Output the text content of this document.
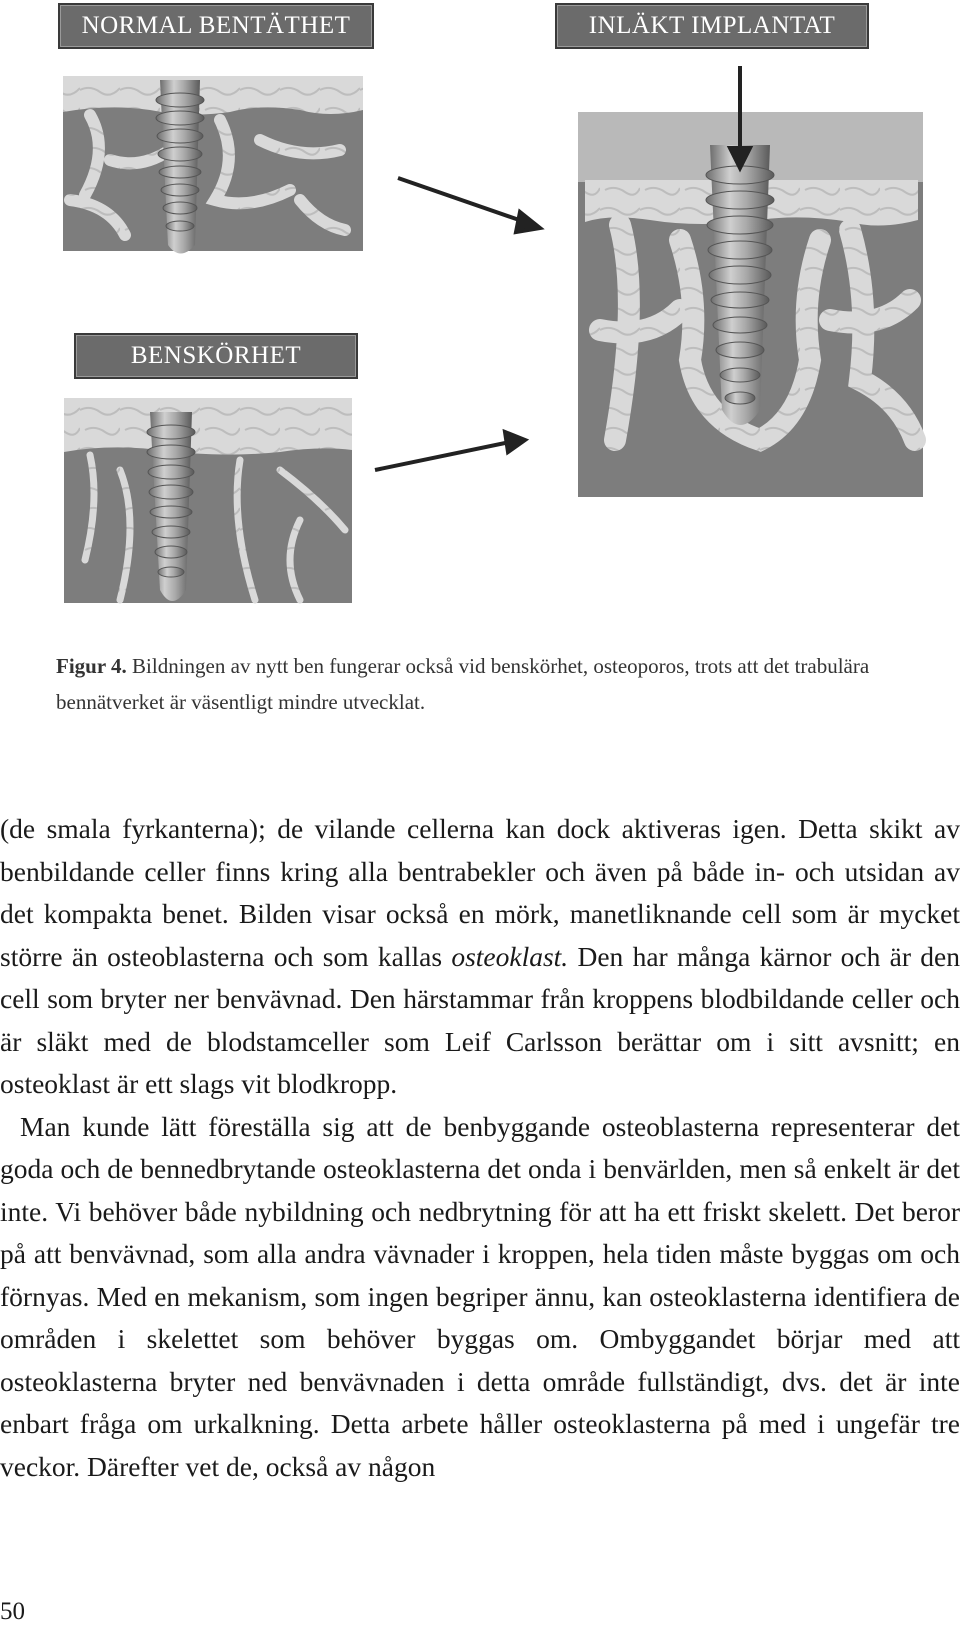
NORMAL BENTÄTHET	INLÄKT IMPLANTAT
BENSKÖRHET
Figur 4. Bildningen av nytt ben fungerar också vid benskörhet, osteoporos, trots att det trabulära bennätverket är väsentligt mindre utvecklat.

(de smala fyrkanterna); de vilande cellerna kan dock aktiveras igen. Detta skikt av benbildande celler finns kring alla bentrabekler och även på både in- och utsidan av det kompakta benet. Bilden visar också en mörk, manetliknande cell som är mycket större än osteoblasterna och som kallas osteoklast. Den har många kärnor och är den cell som bryter ner benvävnad. Den härstammar från kroppens blodbildande celler och är släkt med de blodstamceller som Leif Carlsson berättar om i sitt avsnitt; en osteoklast är ett slags vit blodkropp.

Man kunde lätt föreställa sig att de benbyggande osteoblasterna representerar det goda och de bennedbrytande osteoklasterna det onda i benvärlden, men så enkelt är det inte. Vi behöver både nybildning och nedbrytning för att ha ett friskt skelett. Det beror på att benvävnad, som alla andra vävnader i kroppen, hela tiden måste byggas om och förnyas. Med en mekanism, som ingen begriper ännu, kan osteoklasterna identifiera de områden i skelettet som behöver byggas om. Ombyggandet börjar med att osteoklasterna bryter ned benvävnaden i detta område fullständigt, dvs. det är inte enbart fråga om urkalkning. Detta arbete håller osteoklasterna på med i ungefär tre veckor. Därefter vet de, också av någon

50
